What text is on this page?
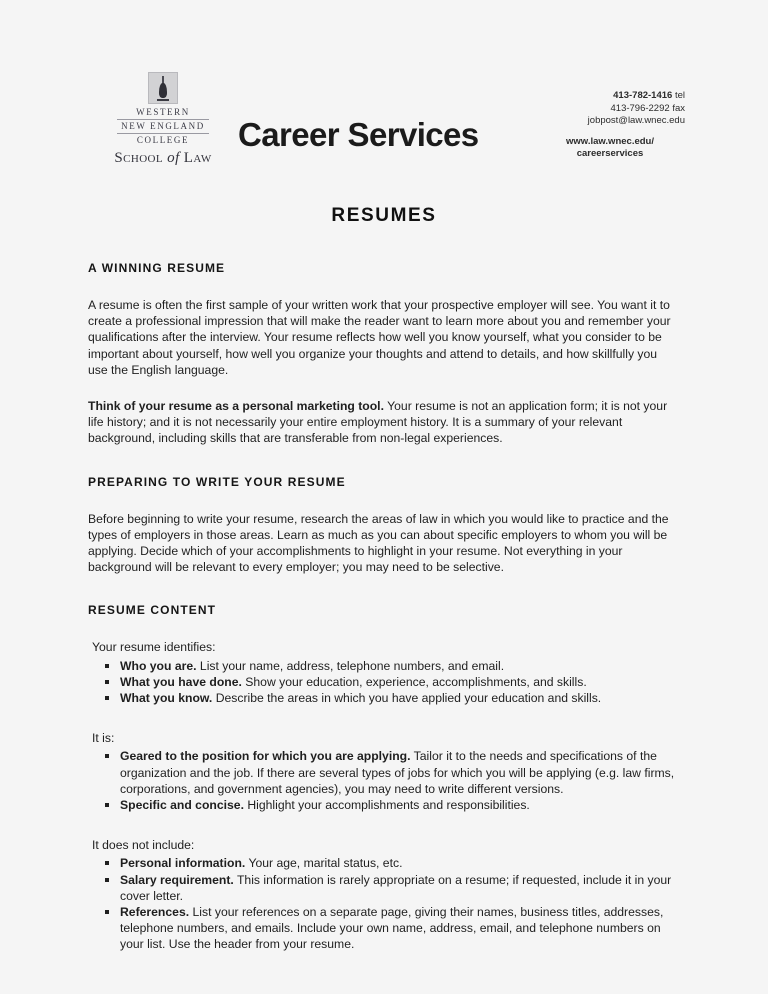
WESTERN
NEW ENGLAND
COLLEGE
School of Law
Career Services
413-782-1416 tel
413-796-2292 fax
jobpost@law.wnec.edu
www.law.wnec.edu/
careerservices
RESUMES
A WINNING RESUME

A resume is often the first sample of your written work that your prospective employer will see. You want it to create a professional impression that will make the reader want to learn more about you and remember your qualifications after the interview. Your resume reflects how well you know yourself, what you consider to be important about yourself, how well you organize your thoughts and attend to details, and how skillfully you use the English language.

Think of your resume as a personal marketing tool. Your resume is not an application form; it is not your life history; and it is not necessarily your entire employment history. It is a summary of your relevant background, including skills that are transferable from non-legal experiences.

PREPARING TO WRITE YOUR RESUME

Before beginning to write your resume, research the areas of law in which you would like to practice and the types of employers in those areas. Learn as much as you can about specific employers to whom you will be applying. Decide which of your accomplishments to highlight in your resume. Not everything in your background will be relevant to every employer; you may need to be selective.

RESUME CONTENT
Your resume identifies:
Who you are. List your name, address, telephone numbers, and email.
What you have done. Show your education, experience, accomplishments, and skills.
What you know. Describe the areas in which you have applied your education and skills.
It is:
Geared to the position for which you are applying. Tailor it to the needs and specifications of the organization and the job. If there are several types of jobs for which you will be applying (e.g. law firms, corporations, and government agencies), you may need to write different versions.
Specific and concise. Highlight your accomplishments and responsibilities.
It does not include:
Personal information. Your age, marital status, etc.
Salary requirement. This information is rarely appropriate on a resume; if requested, include it in your cover letter.
References. List your references on a separate page, giving their names, business titles, addresses, telephone numbers, and emails. Include your own name, address, email, and telephone numbers on your list. Use the header from your resume.
